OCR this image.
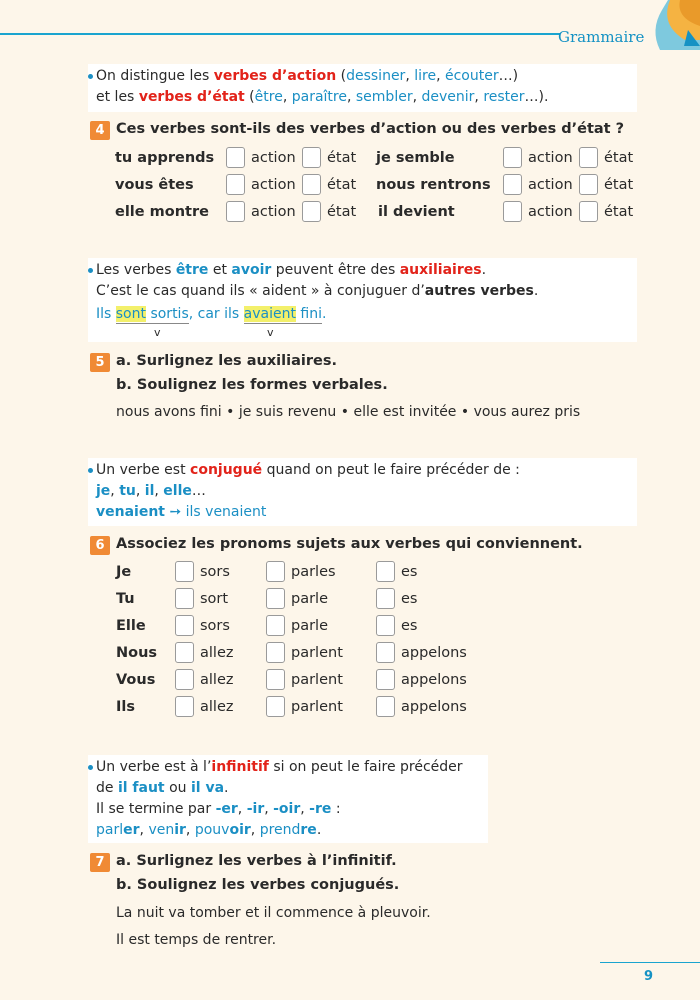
Grammaire
On distingue les verbes d’action (dessiner, lire, écouter…)
et les verbes d’état (être, paraître, sembler, devenir, rester…).
4 Ces verbes sont-ils des verbes d’action ou des verbes d’état ?
tu apprends	action état je semble	action état
vous êtes	action état nous rentrons	action état
elle montre	action état il devient	action état
Les verbes être et avoir peuvent être des auxiliaires.
C’est le cas quand ils « aident » à conjuguer d’autres verbes.
Ils sont sortis, car ils avaient fini.
v	v
5 a. Surlignez les auxiliaires.
b. Soulignez les formes verbales.
nous avons fini • je suis revenu • elle est invitée • vous aurez pris
Un verbe est conjugué quand on peut le faire précéder de :
je, tu, il, elle…
venaient ➙ ils venaient
6 Associez les pronoms sujets aux verbes qui conviennent.
Je	sors	parles	es
Tu	sort	parle	es
Elle	sors	parle	es
Nous	allez	parlent	appelons
Vous	allez	parlent	appelons
Ils	allez	parlent	appelons
Un verbe est à l’infinitif si on peut le faire précéder
de il faut ou il va.
Il se termine par -er, -ir, -oir, -re :
parler, venir, pouvoir, prendre.
7 a. Surlignez les verbes à l’infinitif.
b. Soulignez les verbes conjugués.
La nuit va tomber et il commence à pleuvoir.
Il est temps de rentrer.
9
